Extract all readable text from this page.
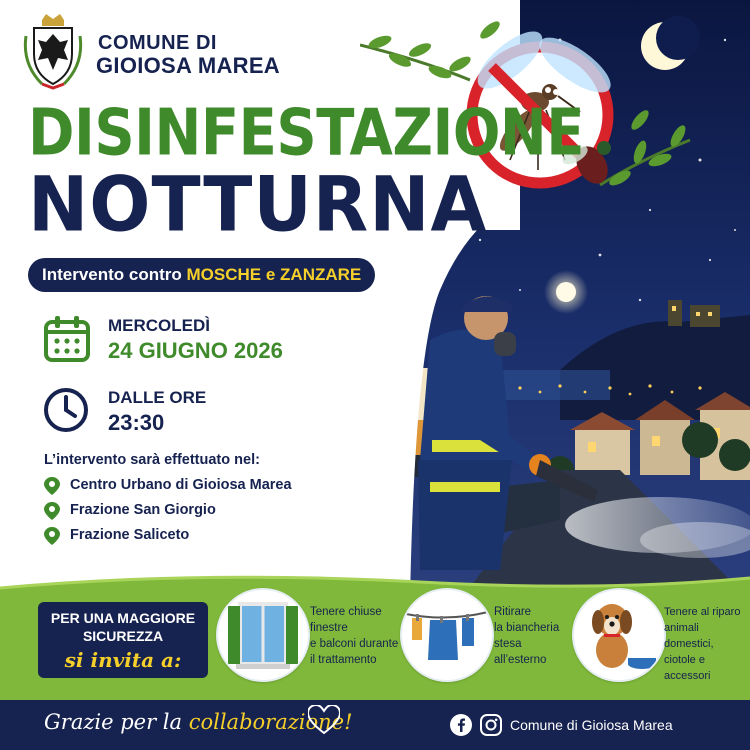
COMUNE DI
GIOIOSA MAREA
DISINFESTAZIONE
NOTTURNA
Intervento contro MOSCHE e ZANZARE
MERCOLEDÌ
24 GIUGNO 2026
DALLE ORE
23:30
L’intervento sarà effettuato nel:
Centro Urbano di Gioiosa Marea
Frazione San Giorgio
Frazione Saliceto
PER UNA MAGGIORE
SICUREZZA
si invita a:
Tenere chiuse
finestre
e balconi durante
il trattamento
Ritirare
la biancheria
stesa
all’esterno
Tenere al riparo
animali domestici,
ciotole e
accessori
Grazie per la collaborazione!	Comune di Gioiosa Marea
